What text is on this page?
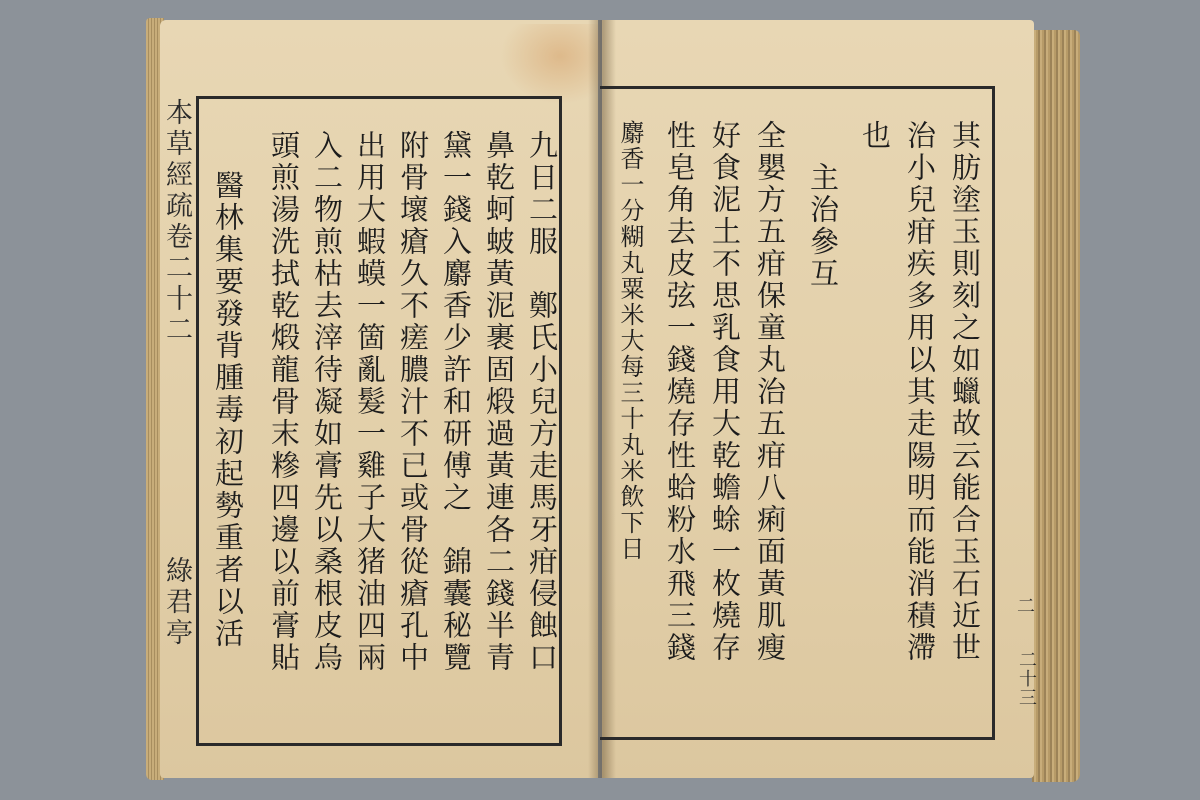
本草經疏卷二十二
綠君亭	九日二服　鄭氏小兒方走馬牙疳侵蝕口
鼻乾蚵蚾黃泥裹固煅過黃連各二錢半青
黛一錢入麝香少許和研傅之　錦囊秘覽
附骨壞瘡久不瘥膿汁不已或骨從瘡孔中
出用大蝦蟆一箇亂髮一雞子大猪油四兩
入二物煎枯去滓待凝如膏先以桑根皮烏
頭煎湯洗拭乾煅龍骨末糝四邊以前膏貼
醫林集要發背腫毒初起勢重者以活	其肪塗玉則刻之如蠟故云能合玉石近世
治小兒疳疾多用以其走陽明而能消積滯
也
主治參互
全嬰方五疳保童丸治五疳八痢面黃肌瘦
好食泥土不思乳食用大乾蟾蜍一枚燒存
性皂角去皮弦一錢燒存性蛤粉水飛三錢
麝香一分糊丸粟米大每三十丸米飲下日
二
二十三
